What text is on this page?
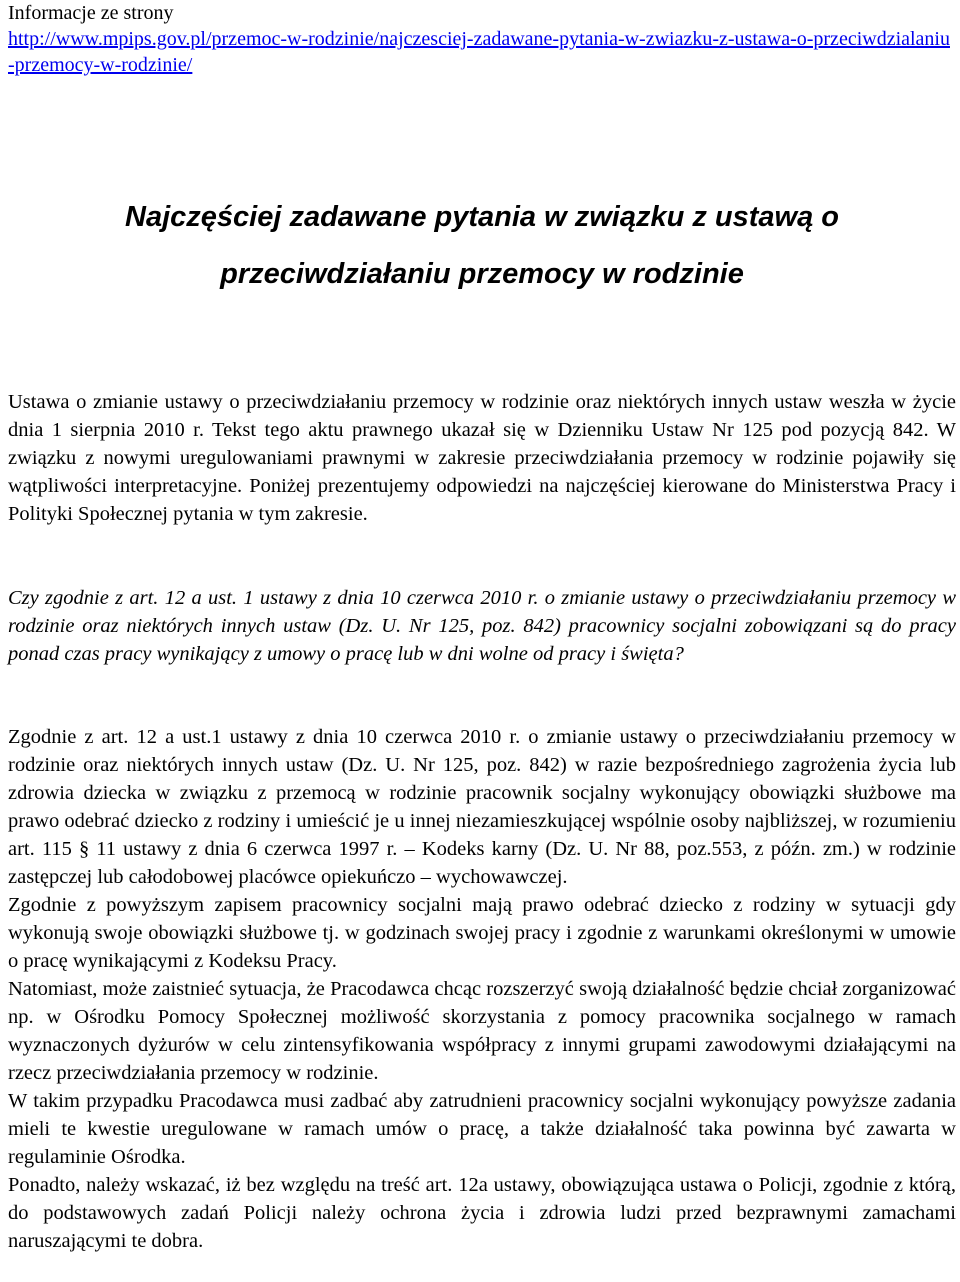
Informacje ze strony
http://www.mpips.gov.pl/przemoc-w-rodzinie/najczesciej-zadawane-pytania-w-zwiazku-z-ustawa-o-przeciwdzialaniu-przemocy-w-rodzinie/
Najczęściej zadawane pytania w związku z ustawą o przeciwdziałaniu przemocy w rodzinie

Ustawa o zmianie ustawy o przeciwdziałaniu przemocy w rodzinie oraz niektórych innych ustaw weszła w życie dnia 1 sierpnia 2010 r. Tekst tego aktu prawnego ukazał się w Dzienniku Ustaw Nr 125 pod pozycją 842. W związku z nowymi uregulowaniami prawnymi w zakresie przeciwdziałania przemocy w rodzinie pojawiły się wątpliwości interpretacyjne. Poniżej prezentujemy odpowiedzi na najczęściej kierowane do Ministerstwa Pracy i Polityki Społecznej pytania w tym zakresie.

Czy zgodnie z art. 12 a ust. 1 ustawy z dnia 10 czerwca 2010 r. o zmianie ustawy o przeciwdziałaniu przemocy w rodzinie oraz niektórych innych ustaw (Dz. U. Nr 125, poz. 842) pracownicy socjalni zobowiązani są do pracy ponad czas pracy wynikający z umowy o pracę lub w dni wolne od pracy i święta?

Zgodnie z art. 12 a ust.1 ustawy z dnia 10 czerwca 2010 r. o zmianie ustawy o przeciwdziałaniu przemocy w rodzinie oraz niektórych innych ustaw (Dz. U. Nr 125, poz. 842) w razie bezpośredniego zagrożenia życia lub zdrowia dziecka w związku z przemocą w rodzinie pracownik socjalny wykonujący obowiązki służbowe ma prawo odebrać dziecko z rodziny i umieścić je u innej niezamieszkującej wspólnie osoby najbliższej, w rozumieniu art. 115 § 11 ustawy z dnia 6 czerwca 1997 r. – Kodeks karny (Dz. U. Nr 88, poz.553, z późn. zm.) w rodzinie zastępczej lub całodobowej placówce opiekuńczo – wychowawczej.

Zgodnie z powyższym zapisem pracownicy socjalni mają prawo odebrać dziecko z rodziny w sytuacji gdy wykonują swoje obowiązki służbowe tj. w godzinach swojej pracy i zgodnie z warunkami określonymi w umowie o pracę wynikającymi z Kodeksu Pracy.

Natomiast, może zaistnieć sytuacja, że Pracodawca chcąc rozszerzyć swoją działalność będzie chciał zorganizować np. w Ośrodku Pomocy Społecznej możliwość skorzystania z pomocy pracownika socjalnego w ramach wyznaczonych dyżurów w celu zintensyfikowania współpracy z innymi grupami zawodowymi działającymi na rzecz przeciwdziałania przemocy w rodzinie.

W takim przypadku Pracodawca musi zadbać aby zatrudnieni pracownicy socjalni wykonujący powyższe zadania mieli te kwestie uregulowane w ramach umów o pracę, a także działalność taka powinna być zawarta w regulaminie Ośrodka.

Ponadto, należy wskazać, iż bez względu na treść art. 12a ustawy, obowiązująca ustawa o Policji, zgodnie z którą, do podstawowych zadań Policji należy ochrona życia i zdrowia ludzi przed bezprawnymi zamachami naruszającymi te dobra.
